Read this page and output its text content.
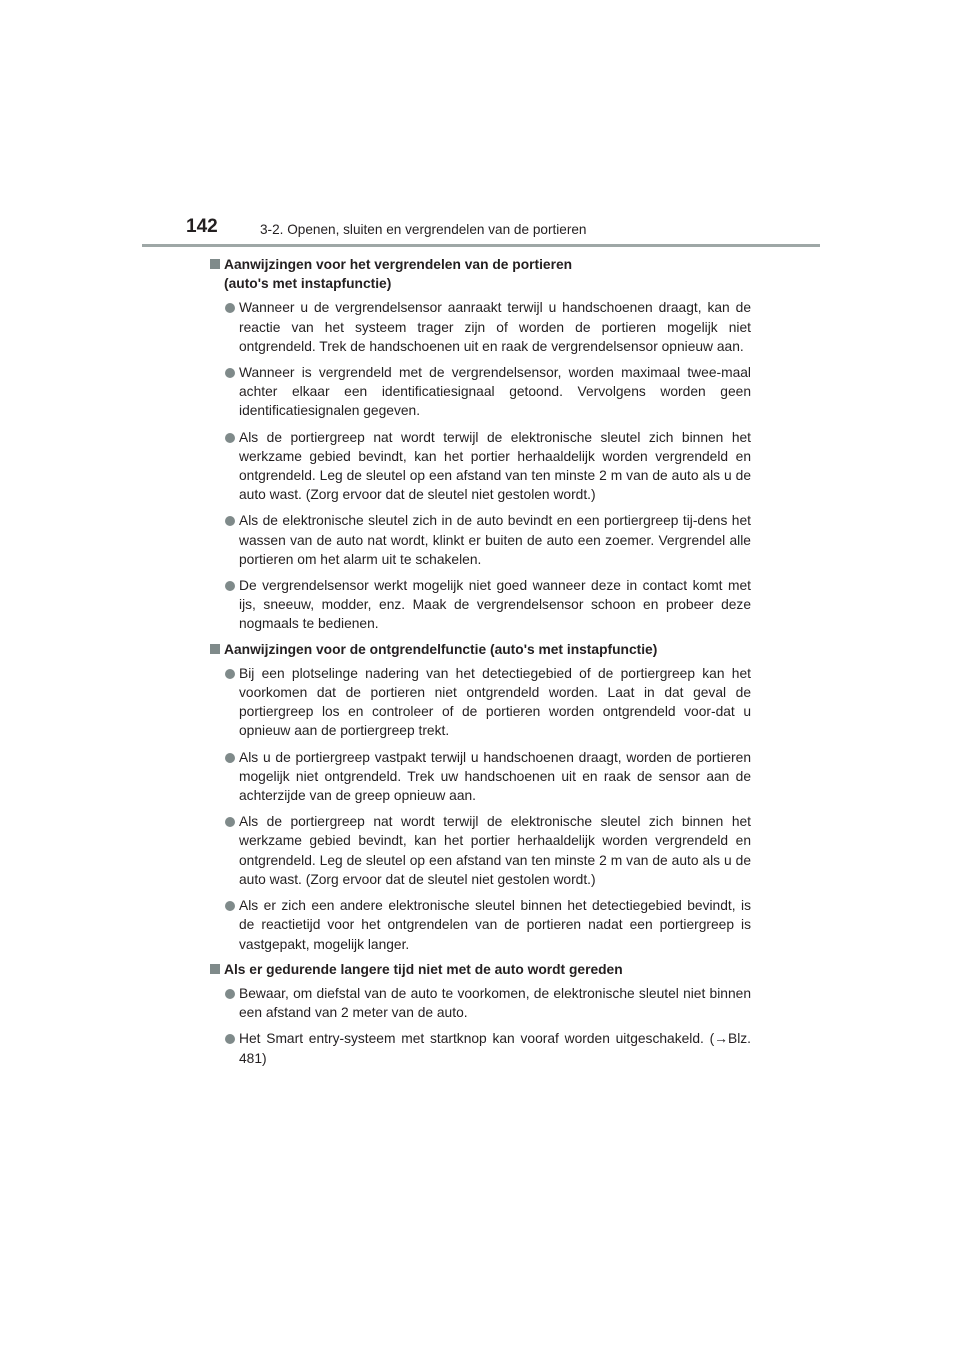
142	3-2. Openen, sluiten en vergrendelen van de portieren
Aanwijzingen voor het vergrendelen van de portieren
(auto's met instapfunctie)
Wanneer u de vergrendelsensor aanraakt terwijl u handschoenen draagt, kan de reactie van het systeem trager zijn of worden de portieren mogelijk niet ontgrendeld. Trek de handschoenen uit en raak de vergrendelsensor opnieuw aan.
Wanneer is vergrendeld met de vergrendelsensor, worden maximaal twee-maal achter elkaar een identificatiesignaal getoond. Vervolgens worden geen identificatiesignalen gegeven.
Als de portiergreep nat wordt terwijl de elektronische sleutel zich binnen het werkzame gebied bevindt, kan het portier herhaaldelijk worden vergrendeld en ontgrendeld. Leg de sleutel op een afstand van ten minste 2 m van de auto als u de auto wast. (Zorg ervoor dat de sleutel niet gestolen wordt.)
Als de elektronische sleutel zich in de auto bevindt en een portiergreep tij-dens het wassen van de auto nat wordt, klinkt er buiten de auto een zoemer. Vergrendel alle portieren om het alarm uit te schakelen.
De vergrendelsensor werkt mogelijk niet goed wanneer deze in contact komt met ijs, sneeuw, modder, enz. Maak de vergrendelsensor schoon en probeer deze nogmaals te bedienen.
Aanwijzingen voor de ontgrendelfunctie (auto's met instapfunctie)
Bij een plotselinge nadering van het detectiegebied of de portiergreep kan het voorkomen dat de portieren niet ontgrendeld worden. Laat in dat geval de portiergreep los en controleer of de portieren worden ontgrendeld voor-dat u opnieuw aan de portiergreep trekt.
Als u de portiergreep vastpakt terwijl u handschoenen draagt, worden de portieren mogelijk niet ontgrendeld. Trek uw handschoenen uit en raak de sensor aan de achterzijde van de greep opnieuw aan.
Als de portiergreep nat wordt terwijl de elektronische sleutel zich binnen het werkzame gebied bevindt, kan het portier herhaaldelijk worden vergrendeld en ontgrendeld. Leg de sleutel op een afstand van ten minste 2 m van de auto als u de auto wast. (Zorg ervoor dat de sleutel niet gestolen wordt.)
Als er zich een andere elektronische sleutel binnen het detectiegebied bevindt, is de reactietijd voor het ontgrendelen van de portieren nadat een portiergreep is vastgepakt, mogelijk langer.
Als er gedurende langere tijd niet met de auto wordt gereden
Bewaar, om diefstal van de auto te voorkomen, de elektronische sleutel niet binnen een afstand van 2 meter van de auto.
Het Smart entry-systeem met startknop kan vooraf worden uitgeschakeld. (→Blz. 481)
